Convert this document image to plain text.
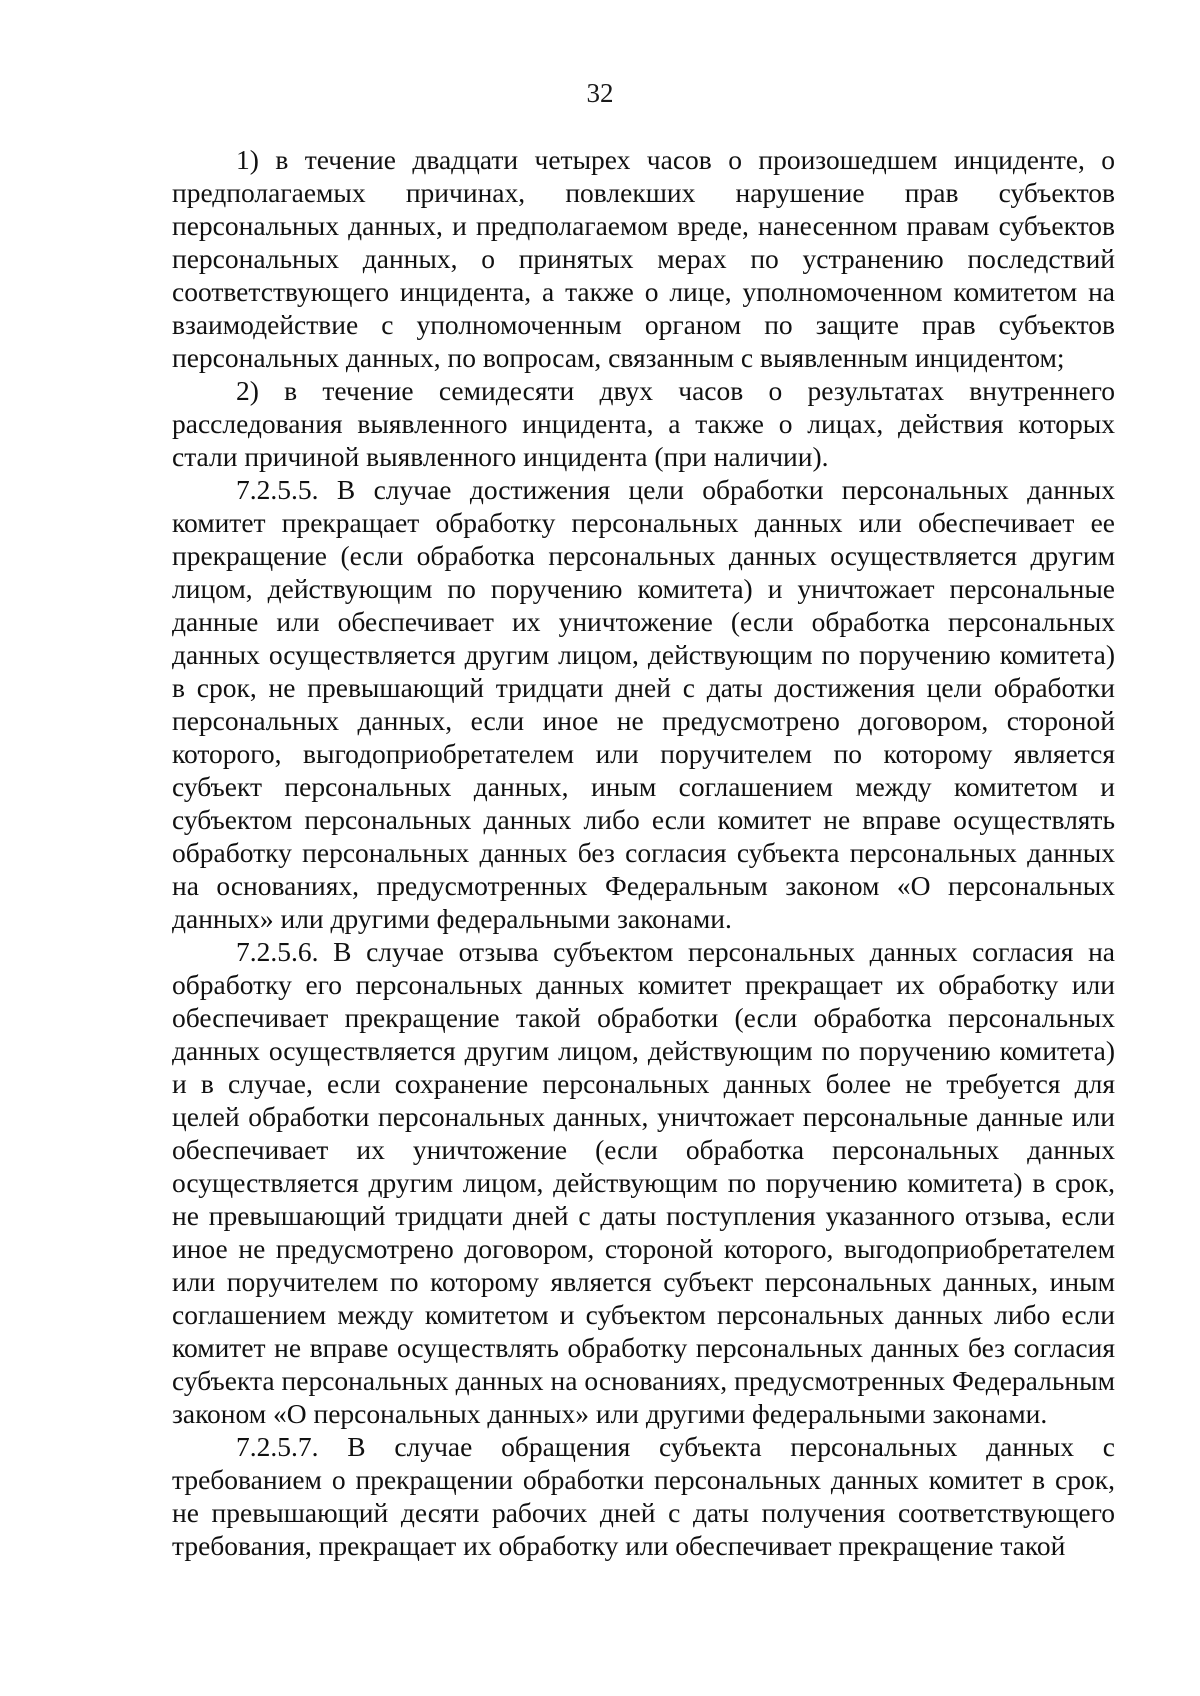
32

1) в течение двадцати четырех часов о произошедшем инциденте, о предполагаемых причинах, повлекших нарушение прав субъектов персональных данных, и предполагаемом вреде, нанесенном правам субъектов персональных данных, о принятых мерах по устранению последствий соответствующего инцидента, а также о лице, уполномоченном комитетом на взаимодействие с уполномоченным органом по защите прав субъектов персональных данных, по вопросам, связанным с выявленным инцидентом;

2) в течение семидесяти двух часов о результатах внутреннего расследования выявленного инцидента, а также о лицах, действия которых стали причиной выявленного инцидента (при наличии).

7.2.5.5. В случае достижения цели обработки персональных данных комитет прекращает обработку персональных данных или обеспечивает ее прекращение (если обработка персональных данных осуществляется другим лицом, действующим по поручению комитета) и уничтожает персональные данные или обеспечивает их уничтожение (если обработка персональных данных осуществляется другим лицом, действующим по поручению комитета) в срок, не превышающий тридцати дней с даты достижения цели обработки персональных данных, если иное не предусмотрено договором, стороной которого, выгодоприобретателем или поручителем по которому является субъект персональных данных, иным соглашением между комитетом и субъектом персональных данных либо если комитет не вправе осуществлять обработку персональных данных без согласия субъекта персональных данных на основаниях, предусмотренных Федеральным законом «О персональных данных» или другими федеральными законами.

7.2.5.6. В случае отзыва субъектом персональных данных согласия на обработку его персональных данных комитет прекращает их обработку или обеспечивает прекращение такой обработки (если обработка персональных данных осуществляется другим лицом, действующим по поручению комитета) и в случае, если сохранение персональных данных более не требуется для целей обработки персональных данных, уничтожает персональные данные или обеспечивает их уничтожение (если обработка персональных данных осуществляется другим лицом, действующим по поручению комитета) в срок, не превышающий тридцати дней с даты поступления указанного отзыва, если иное не предусмотрено договором, стороной которого, выгодоприобретателем или поручителем по которому является субъект персональных данных, иным соглашением между комитетом и субъектом персональных данных либо если комитет не вправе осуществлять обработку персональных данных без согласия субъекта персональных данных на основаниях, предусмотренных Федеральным законом «О персональных данных» или другими федеральными законами.

7.2.5.7. В случае обращения субъекта персональных данных с требованием о прекращении обработки персональных данных комитет в срок, не превышающий десяти рабочих дней с даты получения соответствующего требования, прекращает их обработку или обеспечивает прекращение такой
